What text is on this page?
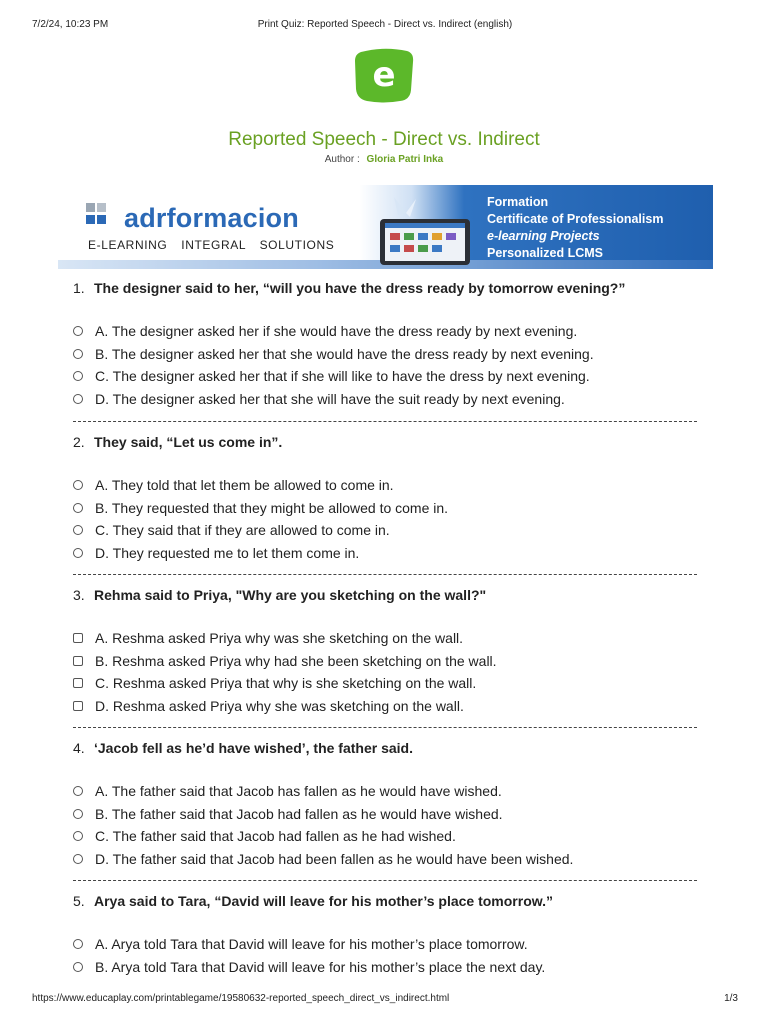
7/2/24, 10:23 PM	Print Quiz: Reported Speech - Direct vs. Indirect (english)
e
Reported Speech - Direct vs. Indirect
Author : Gloria Patri Inka
adrformacion
E-LEARNING INTEGRAL SOLUTIONS
Formation
Certificate of Professionalism
e-learning Projects
Personalized LCMS
1. The designer said to her, “will you have the dress ready by tomorrow evening?”
A. The designer asked her if she would have the dress ready by next evening.
B. The designer asked her that she would have the dress ready by next evening.
C. The designer asked her that if she will like to have the dress by next evening.
D. The designer asked her that she will have the suit ready by next evening.
2. They said, “Let us come in”.
A. They told that let them be allowed to come in.
B. They requested that they might be allowed to come in.
C. They said that if they are allowed to come in.
D. They requested me to let them come in.
3. Rehma said to Priya, "Why are you sketching on the wall?"
A. Reshma asked Priya why was she sketching on the wall.
B. Reshma asked Priya why had she been sketching on the wall.
C. Reshma asked Priya that why is she sketching on the wall.
D. Reshma asked Priya why she was sketching on the wall.
4. ‘Jacob fell as he’d have wished’, the father said.
A. The father said that Jacob has fallen as he would have wished.
B. The father said that Jacob had fallen as he would have wished.
C. The father said that Jacob had fallen as he had wished.
D. The father said that Jacob had been fallen as he would have been wished.
5. Arya said to Tara, “David will leave for his mother’s place tomorrow.”
A. Arya told Tara that David will leave for his mother’s place tomorrow.
B. Arya told Tara that David will leave for his mother’s place the next day.
https://www.educaplay.com/printablegame/19580632-reported_speech_direct_vs_indirect.html	1/3
